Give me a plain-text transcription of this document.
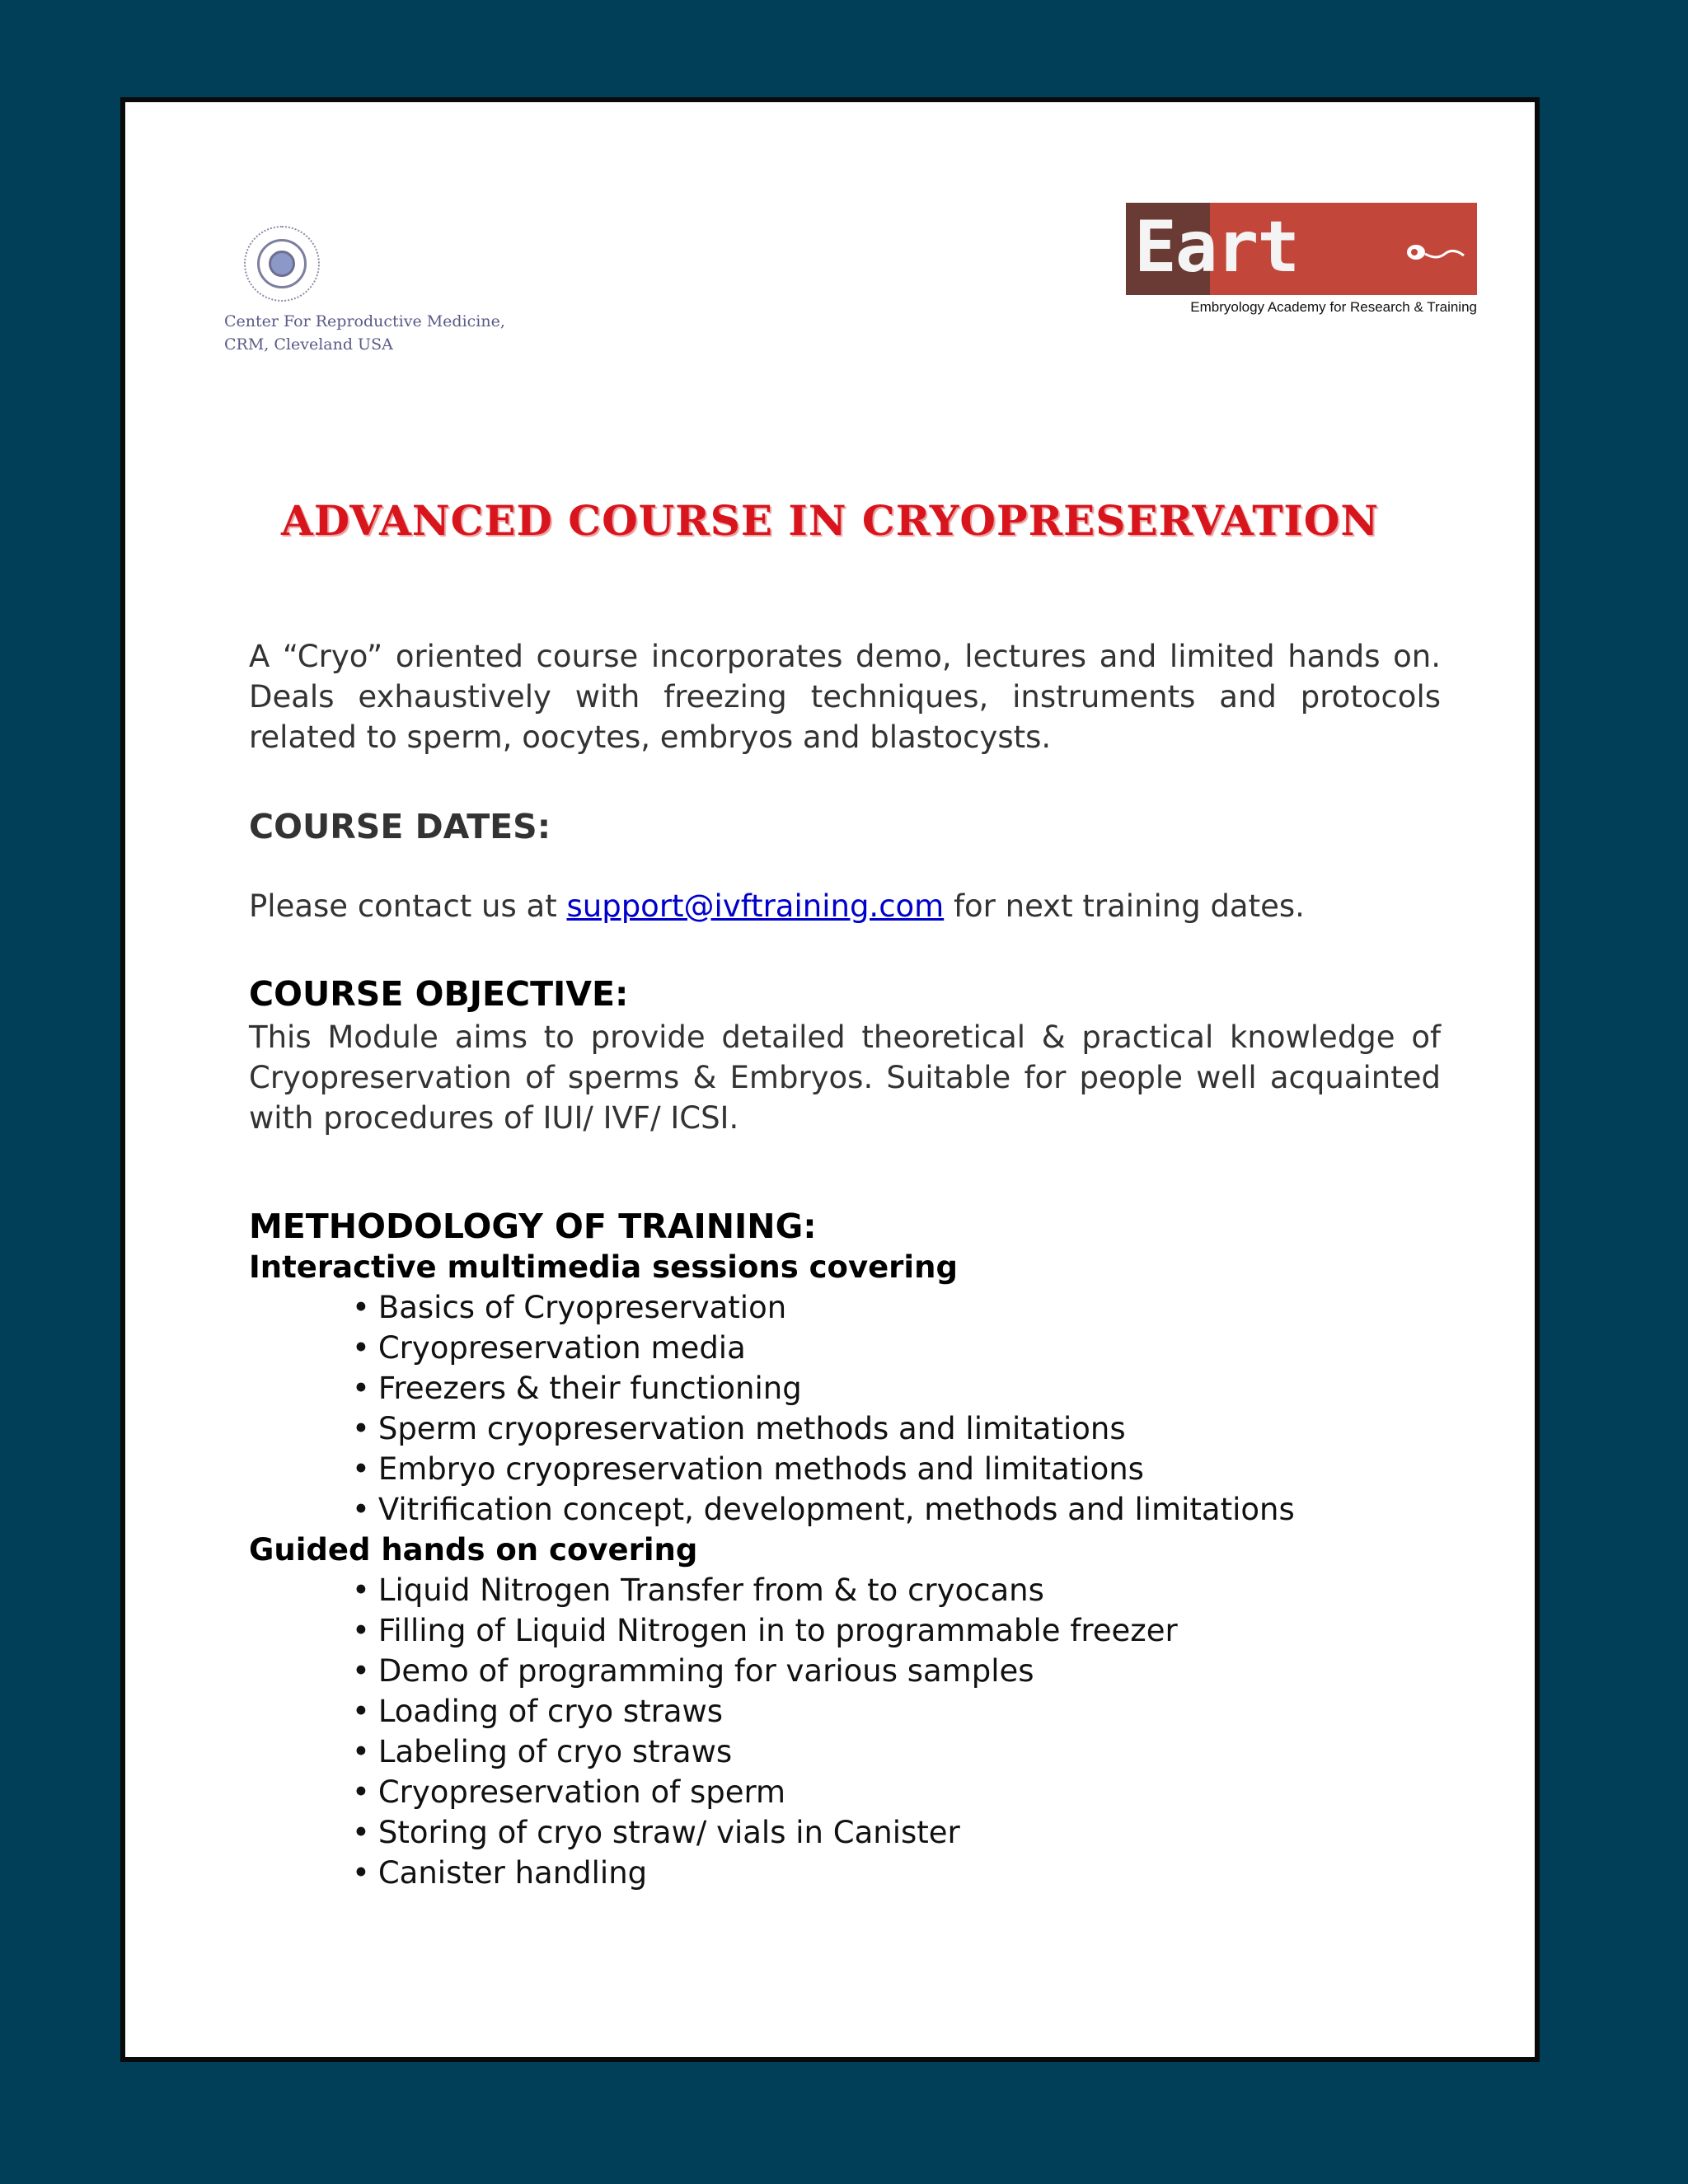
Center For Reproductive Medicine,
CRM, Cleveland USA
Eart
Embryology Academy for Research & Training
ADVANCED COURSE IN CRYOPRESERVATION

A “Cryo” oriented course incorporates demo, lectures and limited hands on. Deals exhaustively with freezing techniques, instruments and protocols related to sperm, oocytes, embryos and blastocysts.

COURSE DATES:

Please contact us at support@ivftraining.com for next training dates.

COURSE OBJECTIVE:

This Module aims to provide detailed theoretical & practical knowledge of Cryopreservation of sperms & Embryos. Suitable for people well acquainted with procedures of IUI/ IVF/ ICSI.

METHODOLOGY OF TRAINING:

Interactive multimedia sessions covering

• Basics of Cryopreservation
• Cryopreservation media
• Freezers & their functioning
• Sperm cryopreservation methods and limitations
• Embryo cryopreservation methods and limitations
• Vitrification concept, development, methods and limitations

Guided hands on covering

• Liquid Nitrogen Transfer from & to cryocans
• Filling of Liquid Nitrogen in to programmable freezer
• Demo of programming for various samples
• Loading of cryo straws
• Labeling of cryo straws
• Cryopreservation of sperm
• Storing of cryo straw/ vials in Canister
• Canister handling
